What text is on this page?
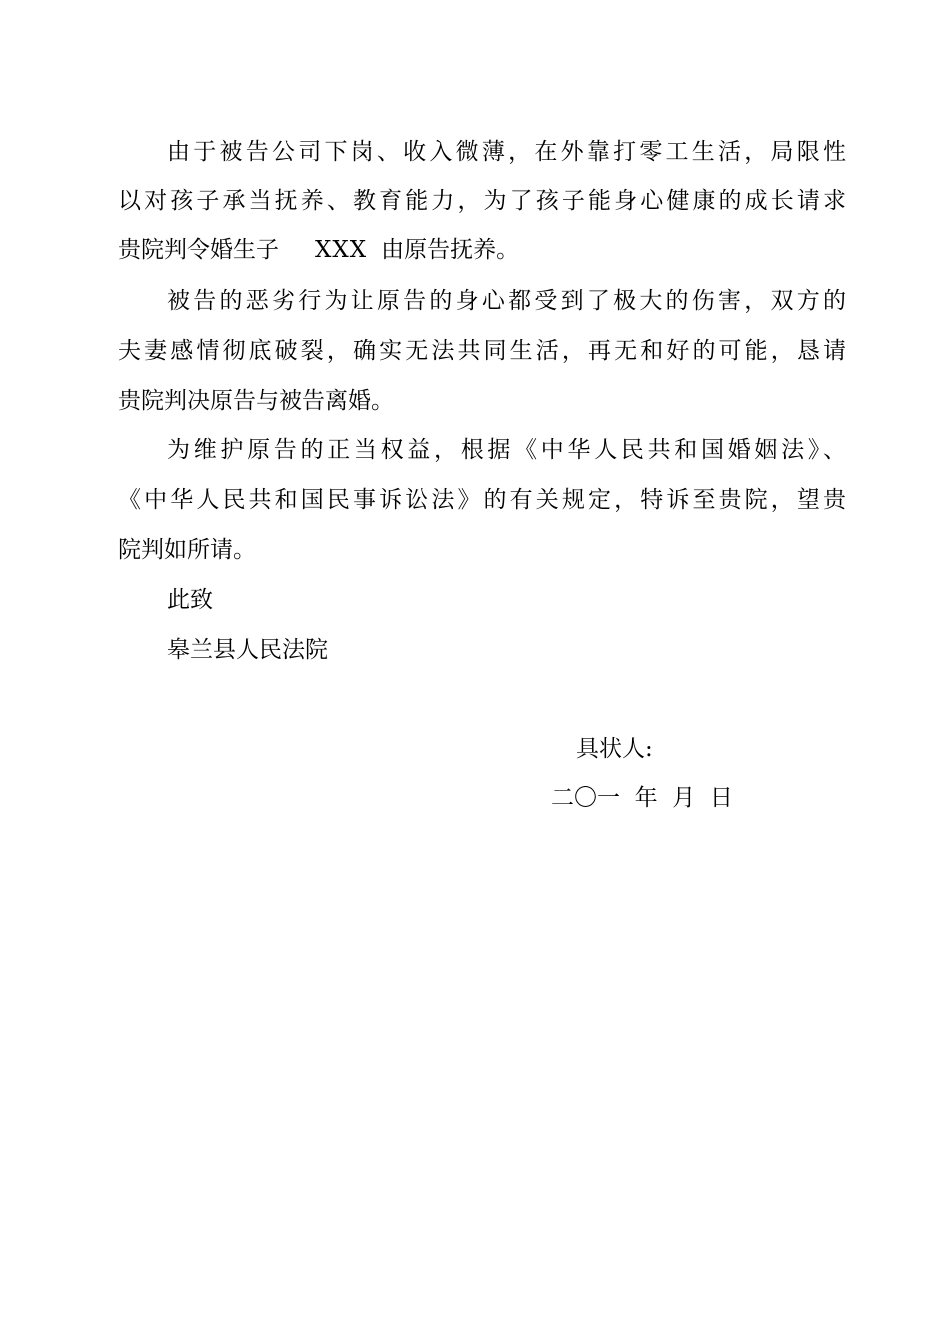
由于被告公司下岗、收入微薄，在外靠打零工生活，局限性
以对孩子承当抚养、教育能力，为了孩子能身心健康的成长请求
贵院判令婚生子 XXX 由原告抚养。
被告的恶劣行为让原告的身心都受到了极大的伤害，双方的
夫妻感情彻底破裂，确实无法共同生活，再无和好的可能，恳请
贵院判决原告与被告离婚。
为维护原告的正当权益，根据《中华人民共和国婚姻法》、
《中华人民共和国民事诉讼法》的有关规定，特诉至贵院，望贵
院判如所请。
此致
皋兰县人民法院
具状人:
二〇一  年  月  日
